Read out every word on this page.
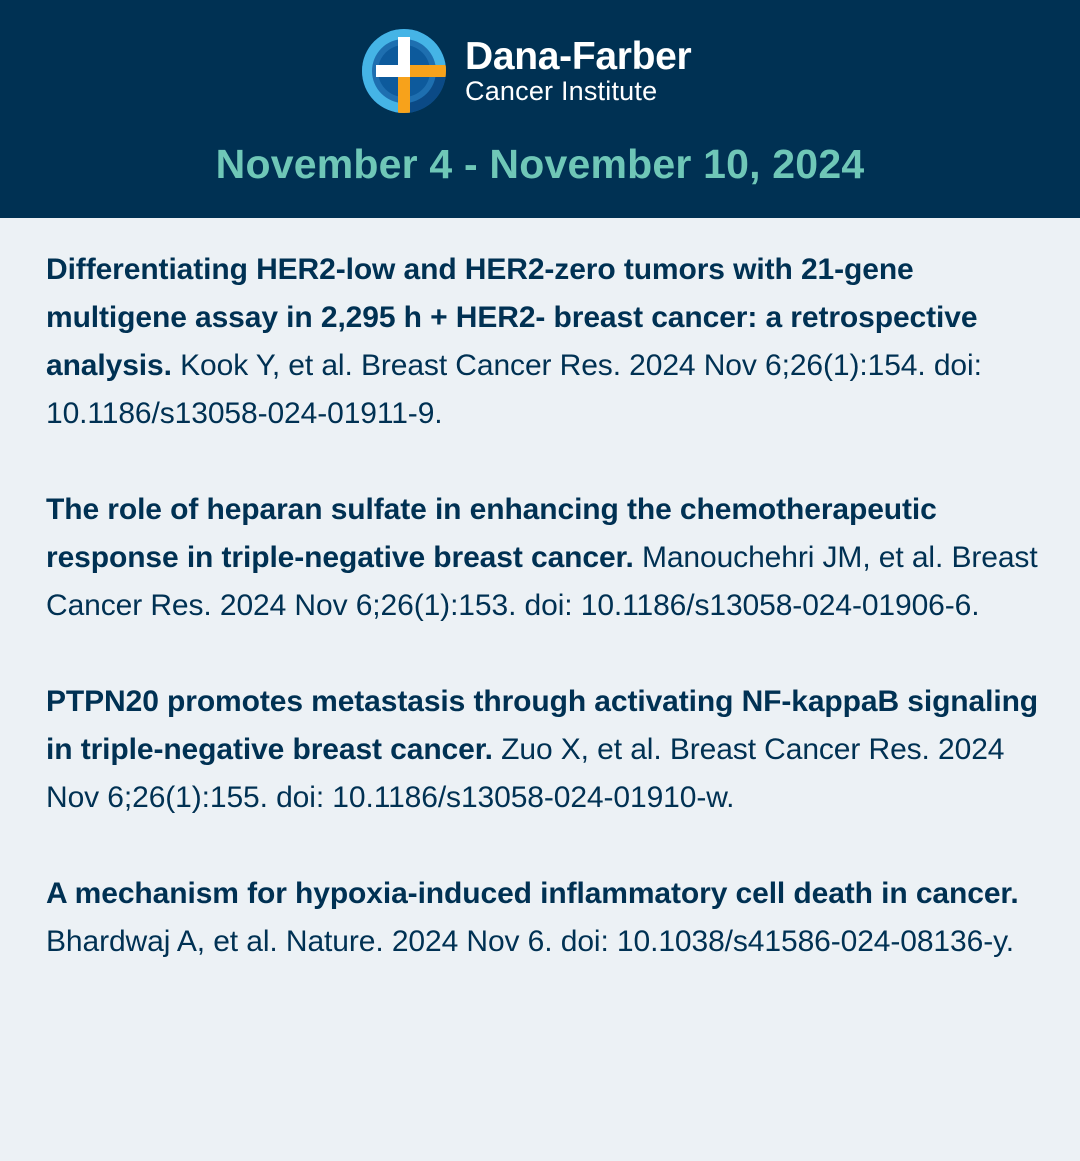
Dana-Farber
Cancer Institute
November 4 - November 10, 2024

Differentiating HER2-low and HER2-zero tumors with 21-gene multigene assay in 2,295 h + HER2- breast cancer: a retrospective analysis. Kook Y, et al. Breast Cancer Res. 2024 Nov 6;26(1):154. doi: 10.1186/s13058-024-01911-9.

The role of heparan sulfate in enhancing the chemotherapeutic response in triple-negative breast cancer. Manouchehri JM, et al. Breast Cancer Res. 2024 Nov 6;26(1):153. doi: 10.1186/s13058-024-01906-6.

PTPN20 promotes metastasis through activating NF-kappaB signaling in triple-negative breast cancer. Zuo X, et al. Breast Cancer Res. 2024 Nov 6;26(1):155. doi: 10.1186/s13058-024-01910-w.

A mechanism for hypoxia-induced inflammatory cell death in cancer. Bhardwaj A, et al. Nature. 2024 Nov 6. doi: 10.1038/s41586-024-08136-y.
